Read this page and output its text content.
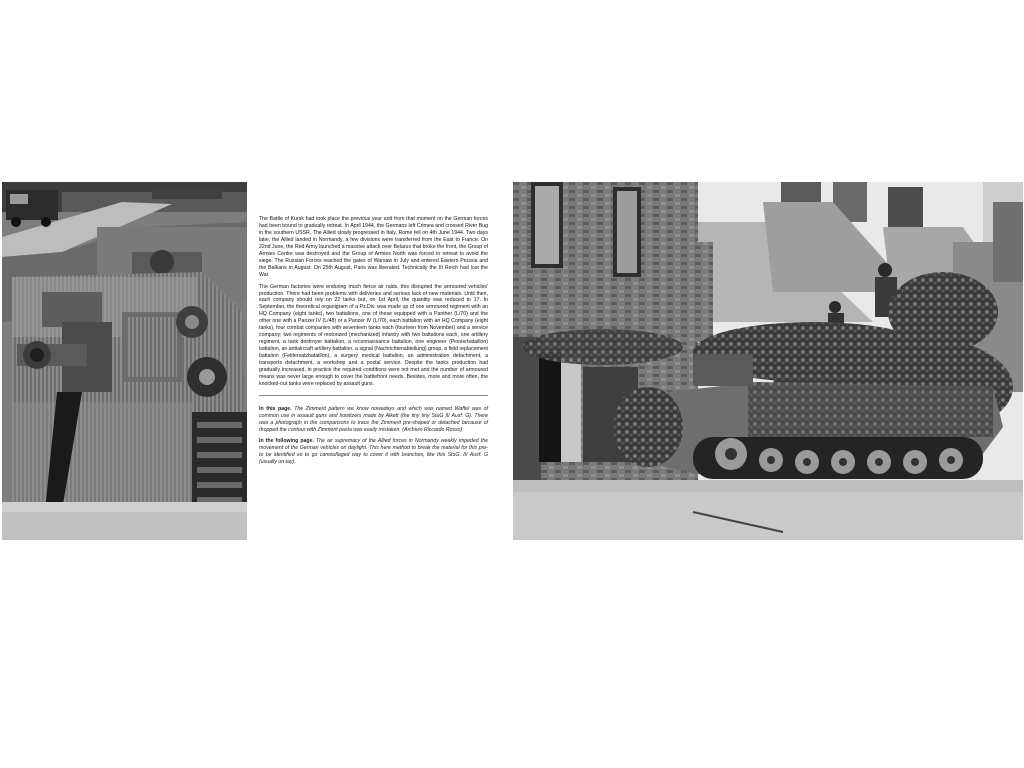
The Battle of Kursk had took place the previous year and from that moment on the German forces had been bound to gradually retreat. In April 1944, the Germans left Crimea and crossed River Bug in the southern USSR. The Allied slowly progressed in Italy, Rome fell on 4th June 1944. Two days later, the Allied landed in Normandy, a few divisions were transferred from the East to France. On 22nd June, the Red Army launched a massive attack over Belarus that broke the front, the Group of Armies Centre was destroyed and the Group of Armies North was forced to retreat to avoid the siege. The Russian Forces reached the gates of Warsaw in July and entered Eastern Prussia and the Balkans in August. On 25th August, Paris was liberated. Technically the III Reich had lost the War.

The German factories were enduring much fierce air raids, this disrupted the armoured vehicles' production. There had been problems with deliveries and serious lack of new materials. Until then, each company should rely on 22 tanks but, on 1st April, the quantity was reduced to 17. In September, the theoretical organigram of a Pz.Div. was made up of one armoured regiment with an HQ Company (eight tanks), two battalions, one of these equipped with a Panther (L/70) and the other one with a Panzer IV (L/48) or a Panzer IV (L/70), each battalion with an HQ Company (eight tanks), four combat companies with seventeen tanks each (fourteen from November) and a service company; two regiments of motorized (mechanized) infantry with two battalions each, one artillery regiment, a tank destroyer battalion, a reconnaissance battalion, one engineer (Pionierbataillon) battalion, an antiaircraft artillery battalion, a signal (Nachrichtenabteilung) group, a field replacement battalion (Feldersatzbataillon), a surgery medical battalion, an administration detachment, a transports detachment, a workshop and a postal service. Despite the tanks production had gradually increased, in practice the required conditions were not met and the number of armoured means was never large enough to cover the battlefront needs. Besides, more and more often, the knocked-out tanks were replaced by assault guns.

In this page. The Zimmerit pattern we know nowadays and which was named Waffel was of common use in assault guns and howitzers made by Alkett (the tiny tiny StuG III Ausf. G). There was a photograph in the comparisons to trace the Zimmerit pre-shaped or detached because of dropped the contour with Zimmerit pasta was easily mistaken. (Archivio Riccardo Rosso)

In the following page. The air supremacy of the Allied forces in Normandy weakly impeded the movement of the German vehicles on daylight. This here method to break the material for this pre-to be identified so to go camouflaged way to cover it with branches, like this StuG. III Ausf. G (usually on tay).
